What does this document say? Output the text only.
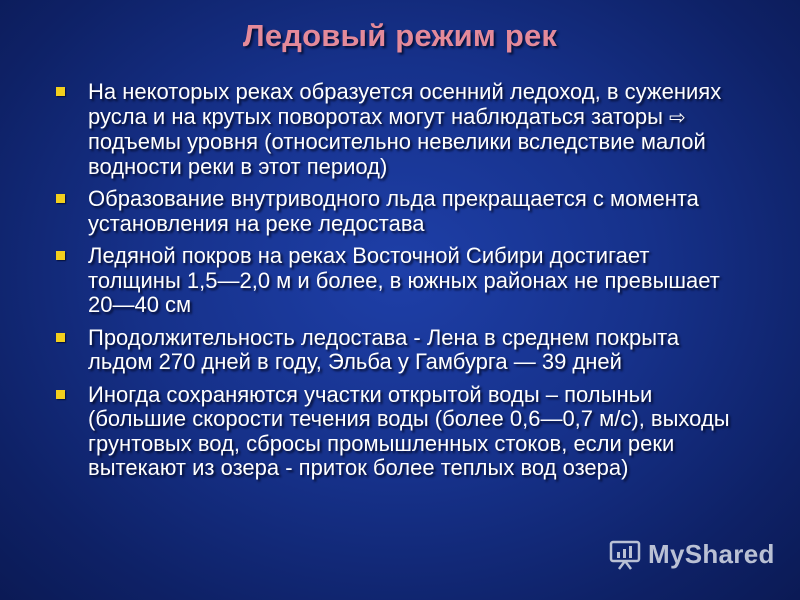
Ледовый режим рек
На некоторых реках образуется осенний ледоход, в сужениях русла и на крутых поворотах могут наблюдаться заторы ⇨ подъемы уровня (относительно невелики вследствие малой водности реки в этот период)
Образование внутриводного льда прекращается с момента установления на реке ледостава
Ледяной покров на реках Восточной Сибири достигает толщины 1,5—2,0 м и более, в южных районах не превышает 20—40 см
Продолжительность ледостава - Лена в среднем покрыта льдом 270 дней в году, Эльба у Гамбурга — 39 дней
Иногда сохраняются участки открытой воды – полыньи (большие скорости течения воды (более 0,6—0,7 м/с), выходы грунтовых вод, сбросы промышленных стоков, если реки вытекают из озера - приток более теплых вод озера)
MyShared
